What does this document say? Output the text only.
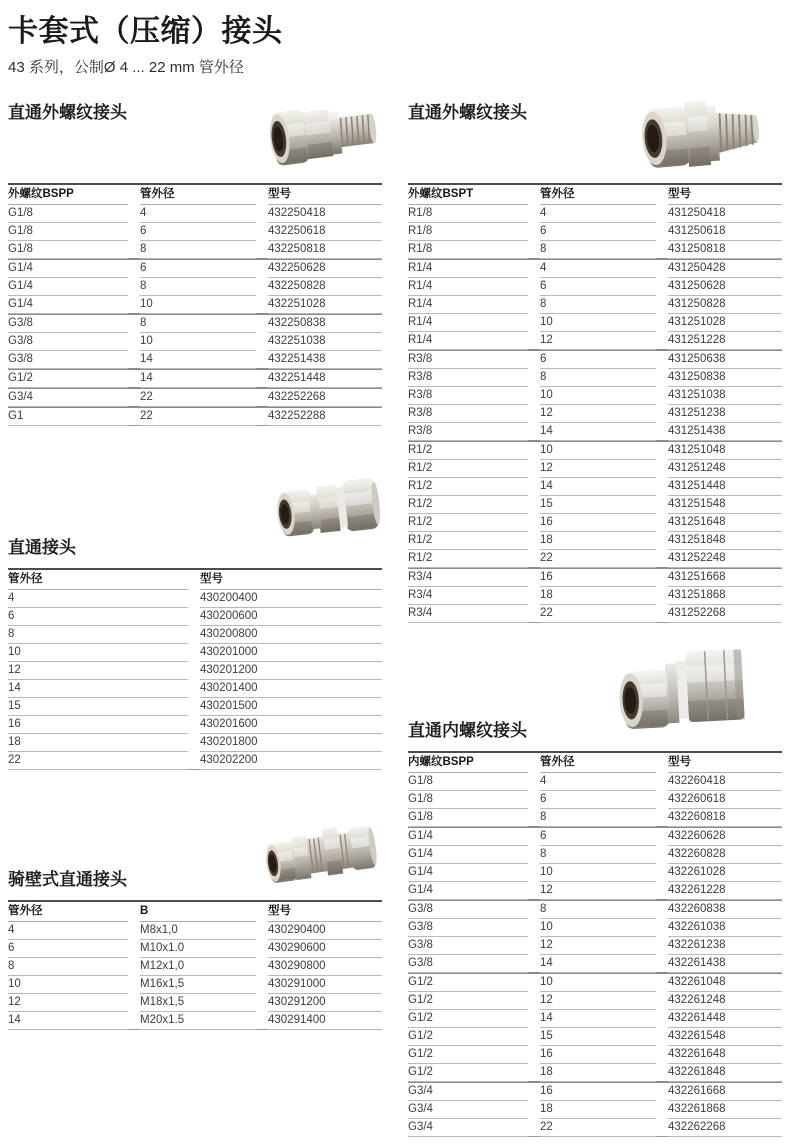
卡套式（压缩）接头
43 系列，公制Ø 4 ... 22 mm 管外径
直通外螺纹接头
外螺纹BSPP	管外径	型号
G1/8	4	432250418
G1/8	6	432250618
G1/8	8	432250818
G1/4	6	432250628
G1/4	8	432250828
G1/4	10	432251028
G3/8	8	432250838
G3/8	10	432251038
G3/8	14	432251438
G1/2	14	432251448
G3/4	22	432252268
G1	22	432252288
直通接头
管外径	型号
4	430200400
6	430200600
8	430200800
10	430201000
12	430201200
14	430201400
15	430201500
16	430201600
18	430201800
22	430202200
骑壁式直通接头
管外径	B	型号
4	M8x1,0	430290400
6	M10x1.0	430290600
8	M12x1,0	430290800
10	M16x1,5	430291000
12	M18x1,5	430291200
14	M20x1.5	430291400
直通外螺纹接头
外螺纹BSPT	管外径	型号
R1/8	4	431250418
R1/8	6	431250618
R1/8	8	431250818
R1/4	4	431250428
R1/4	6	431250628
R1/4	8	431250828
R1/4	10	431251028
R1/4	12	431251228
R3/8	6	431250638
R3/8	8	431250838
R3/8	10	431251038
R3/8	12	431251238
R3/8	14	431251438
R1/2	10	431251048
R1/2	12	431251248
R1/2	14	431251448
R1/2	15	431251548
R1/2	16	431251648
R1/2	18	431251848
R1/2	22	431252248
R3/4	16	431251668
R3/4	18	431251868
R3/4	22	431252268
直通内螺纹接头
内螺纹BSPP	管外径	型号
G1/8	4	432260418
G1/8	6	432260618
G1/8	8	432260818
G1/4	6	432260628
G1/4	8	432260828
G1/4	10	432261028
G1/4	12	432261228
G3/8	8	432260838
G3/8	10	432261038
G3/8	12	432261238
G3/8	14	432261438
G1/2	10	432261048
G1/2	12	432261248
G1/2	14	432261448
G1/2	15	432261548
G1/2	16	432261648
G1/2	18	432261848
G3/4	16	432261668
G3/4	18	432261868
G3/4	22	432262268
